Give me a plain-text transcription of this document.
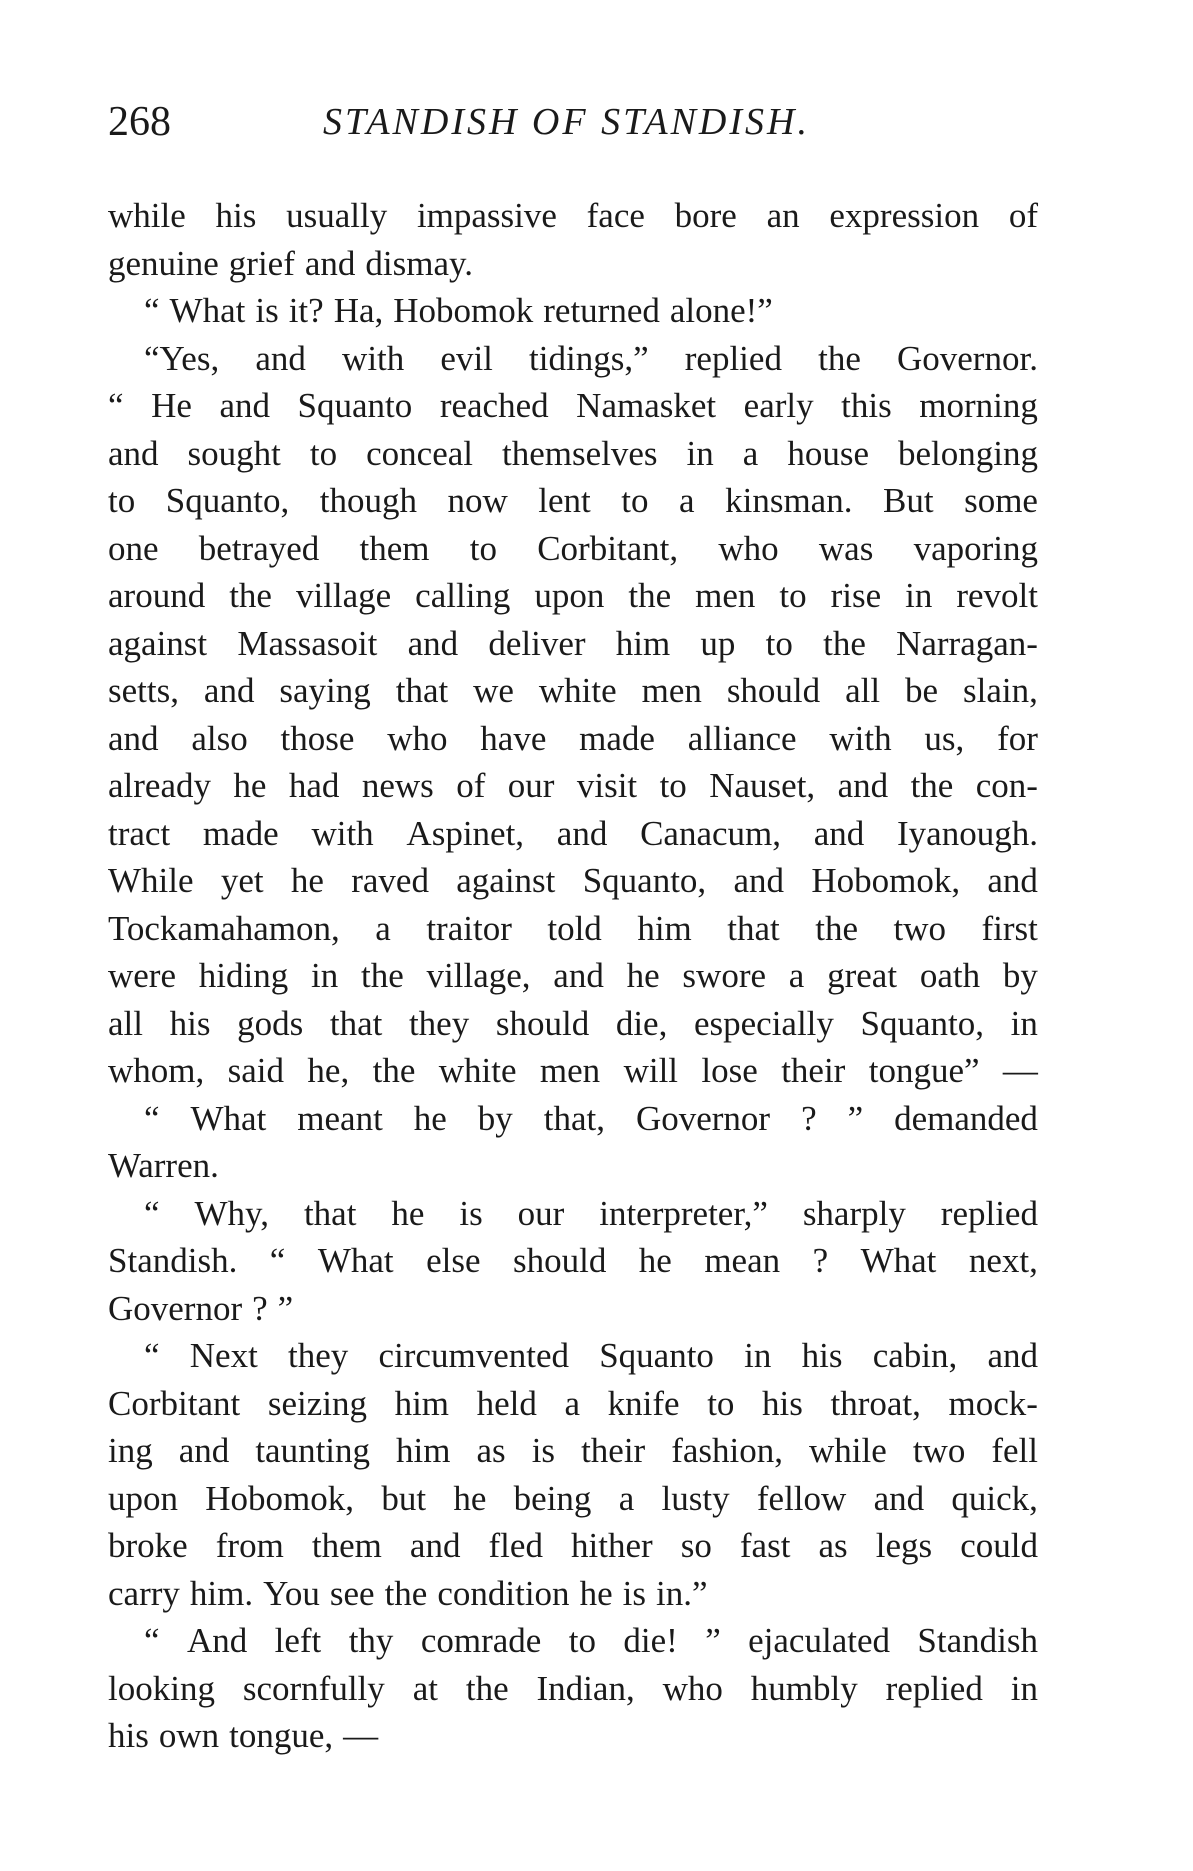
268	STANDISH OF STANDISH.
while his usually impassive face bore an expression of
genuine grief and dismay.
“ What is it? Ha, Hobomok returned alone!”
“Yes, and with evil tidings,” replied the Governor.
“ He and Squanto reached Namasket early this morning
and sought to conceal themselves in a house belonging
to Squanto, though now lent to a kinsman. But some
one betrayed them to Corbitant, who was vaporing
around the village calling upon the men to rise in revolt
against Massasoit and deliver him up to the Narragan-
setts, and saying that we white men should all be slain,
and also those who have made alliance with us, for
already he had news of our visit to Nauset, and the con-
tract made with Aspinet, and Canacum, and Iyanough.
While yet he raved against Squanto, and Hobomok, and
Tockamahamon, a traitor told him that the two first
were hiding in the village, and he swore a great oath by
all his gods that they should die, especially Squanto, in
whom, said he, the white men will lose their tongue” —
“ What meant he by that, Governor ? ” demanded
Warren.
“ Why, that he is our interpreter,” sharply replied
Standish. “ What else should he mean ? What next,
Governor ? ”
“ Next they circumvented Squanto in his cabin, and
Corbitant seizing him held a knife to his throat, mock-
ing and taunting him as is their fashion, while two fell
upon Hobomok, but he being a lusty fellow and quick,
broke from them and fled hither so fast as legs could
carry him. You see the condition he is in.”
“ And left thy comrade to die! ” ejaculated Standish
looking scornfully at the Indian, who humbly replied in
his own tongue, —
